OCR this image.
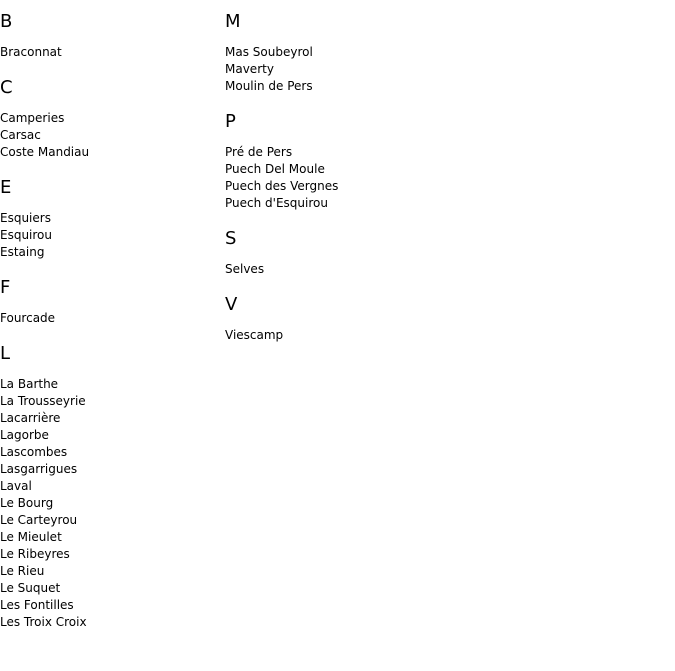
B
Braconnat
C
Camperies
Carsac
Coste Mandiau
E
Esquiers
Esquirou
Estaing
F
Fourcade
L
La Barthe
La Trousseyrie
Lacarrière
Lagorbe
Lascombes
Lasgarrigues
Laval
Le Bourg
Le Carteyrou
Le Mieulet
Le Ribeyres
Le Rieu
Le Suquet
Les Fontilles
Les Troix Croix
M
Mas Soubeyrol
Maverty
Moulin de Pers
P
Pré de Pers
Puech Del Moule
Puech des Vergnes
Puech d'Esquirou
S
Selves
V
Viescamp
